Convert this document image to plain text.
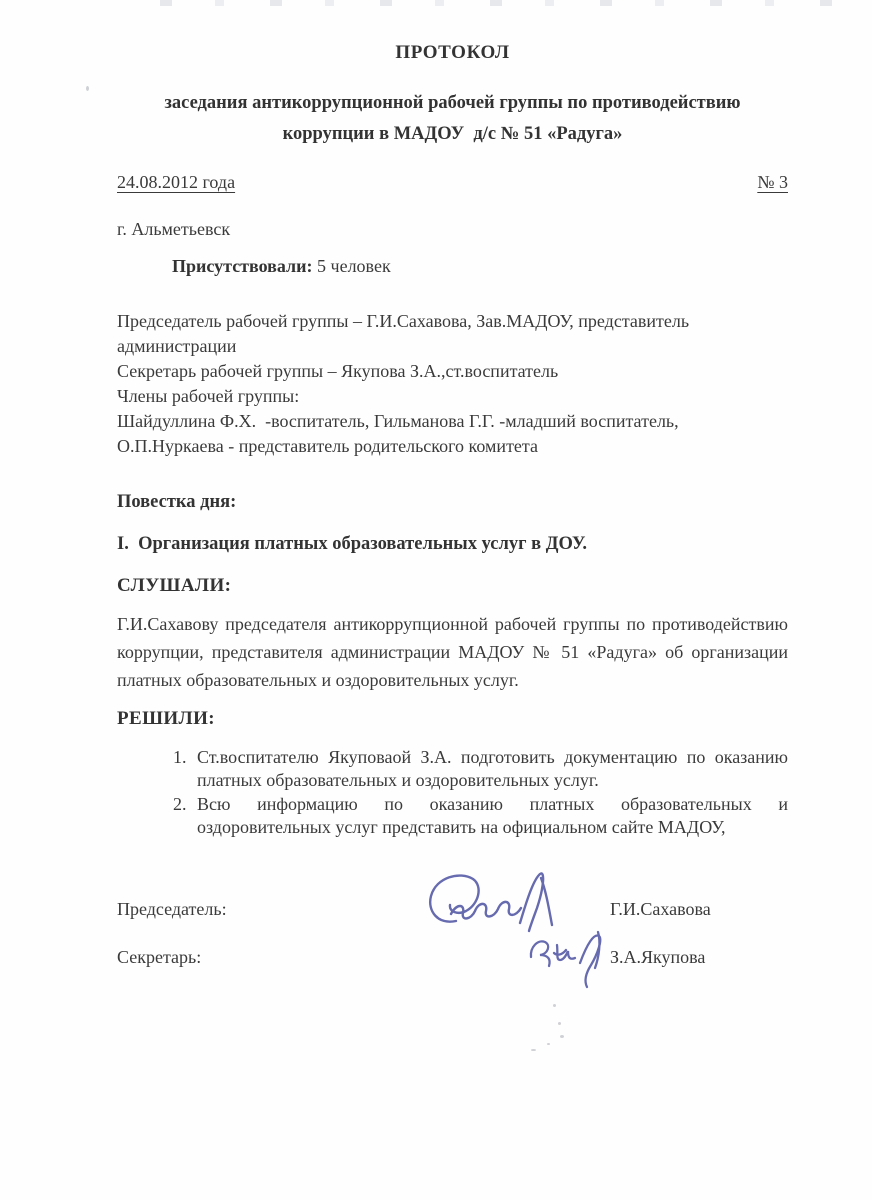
ПРОТОКОЛ
заседания антикоррупционной рабочей группы по противодействию
коррупции в МАДОУ  д/с № 51 «Радуга»
24.08.2012 года	№ 3
г. Альметьевск
Присутствовали: 5 человек
Председатель рабочей группы – Г.И.Сахавова, Зав.МАДОУ, представитель
администрации
Секретарь рабочей группы – Якупова З.А.,ст.воспитатель
Члены рабочей группы:
Шайдуллина Ф.Х.  -воспитатель, Гильманова Г.Г. -младший воспитатель,
О.П.Нуркаева - представитель родительского комитета
Повестка дня:
I.  Организация платных образовательных услуг в ДОУ.
СЛУШАЛИ:
Г.И.Сахавову председателя антикоррупционной рабочей группы по противодействию коррупции, представителя администрации МАДОУ № 51 «Радуга» об организации платных образовательных и оздоровительных услуг.
РЕШИЛИ:
1. Ст.воспитателю Якуповаой З.А. подготовить документацию по оказанию платных образовательных и оздоровительных услуг.
2. Всю информацию по оказанию платных образовательных и оздоровительных услуг представить на официальном сайте МАДОУ,
Председатель:	Г.И.Сахавова
Секретарь:	З.А.Якупова
